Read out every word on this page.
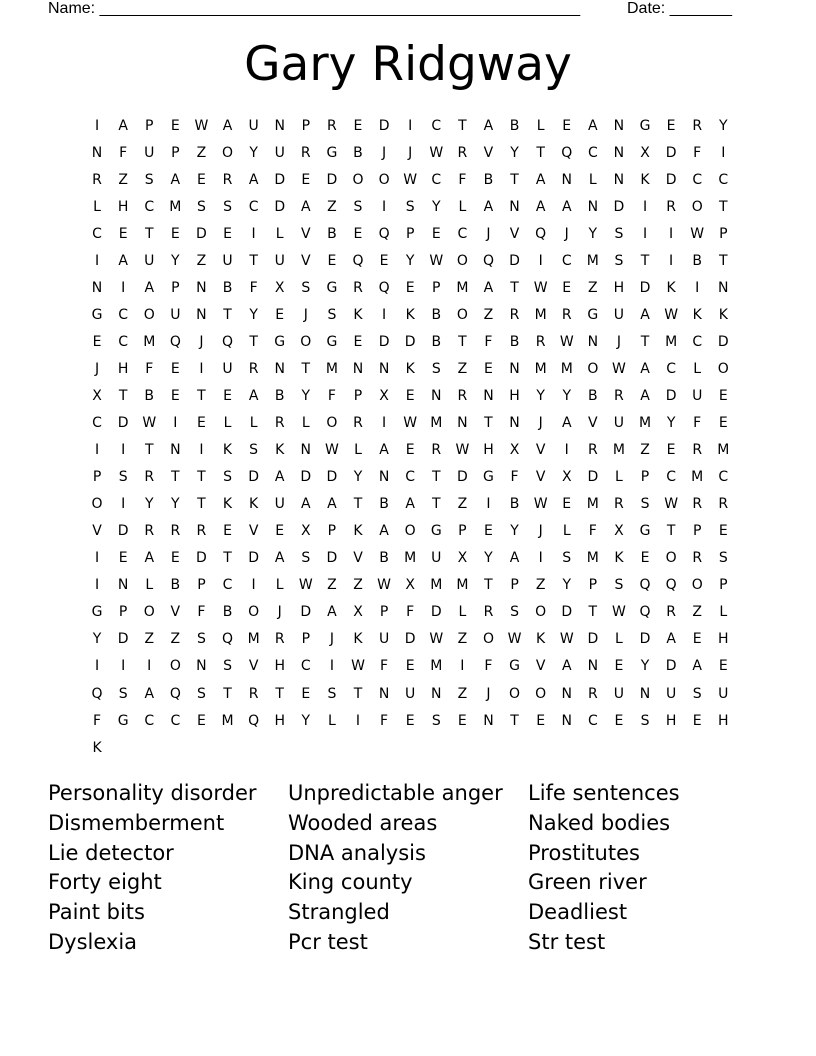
Name: ______________________________________________________	Date: _______
Gary Ridgway
I	A	P	E	W	A	U	N	P	R	E	D	I	C	T	A	B	L	E	A	N	G	E	R	Y
N	F	U	P	Z	O	Y	U	R	G	B	J	J	W	R	V	Y	T	Q	C	N	X	D	F	I
R	Z	S	A	E	R	A	D	E	D	O	O W	C	F	B	T	A	N	L	N	K	D	C	C
L	H	C	M	S	S	C	D	A	Z	S	I	S	Y	L	A	N	A	A	N	D	I	R	O	T
C	E	T	E	D	E	I	L	V	B	E	Q	P	E	C	J	V	Q	J	Y	S	I	I	W	P
I	A	U	Y	Z	U	T	U	V	E	Q	E	Y	W O	Q	D	I	C	M	S	T	I	B	T
N	I	A	P	N	B	F	X	S	G	R	Q	E	P	M	A	T	W	E	Z	H	D	K	I	N
G	C	O	U	N	T	Y	E	J	S	K	I	K	B	O	Z	R	M	R	G	U	A	W	K	K
E	C	M	Q	J	Q	T	G	O	G	E	D	D	B	T	F	B	R	W N	J	T	M	C	D
J	H	F	E	I	U	R	N	T	M	N	N	K	S	Z	E	N	M	M	O W	A	C	L	O
X	T	B	E	T	E	A	B	Y	F	P	X	E	N	R	N	H	Y	Y	B	R	A	D	U	E
C	D W	I	E	L	L	R	L	O	R	I	W M	N	T	N	J	A	V	U	M	Y	F	E
I	I	T	N	I	K	S	K	N W	L	A	E	R	W H	X	V	I	R	M	Z	E	R	M
P	S	R	T	T	S	D	A	D	D	Y	N	C	T	D	G	F	V	X	D	L	P	C	M	C
O	I	Y	Y	T	K	K	U	A	A	T	B	A	T	Z	I	B	W	E	M	R	S	W	R	R
V	D	R	R	R	E	V	E	X	P	K	A	O	G	P	E	Y	J	L	F	X	G	T	P	E
I	E	A	E	D	T	D	A	S	D	V	B	M	U	X	Y	A	I	S	M	K	E	O	R	S
I	N	L	B	P	C	I	L	W	Z	Z	W	X	M	M	T	P	Z	Y	P	S	Q	Q	O	P
G	P	O	V	F	B	O	J	D	A	X	P	F	D	L	R	S	O	D	T	W Q	R	Z	L
Y	D	Z	Z	S	Q	M	R	P	J	K	U	D W	Z	O W	K	W D	L	D	A	E	H
I	I	I	O	N	S	V	H	C	I	W	F	E	M	I	F	G	V	A	N	E	Y	D	A	E
Q	S	A	Q	S	T	R	T	E	S	T	N	U	N	Z	J	O	O	N	R	U	N	U	S	U
F	G	C	C	E	M	Q	H	Y	L	I	F	E	S	E	N	T	E	N	C	E	S	H	E	H
K
Personality disorder	Unpredictable anger	Life sentences
Dismemberment	Wooded areas	Naked bodies
Lie detector	DNA analysis	Prostitutes
Forty eight	King county	Green river
Paint bits	Strangled	Deadliest
Dyslexia	Pcr test	Str test
